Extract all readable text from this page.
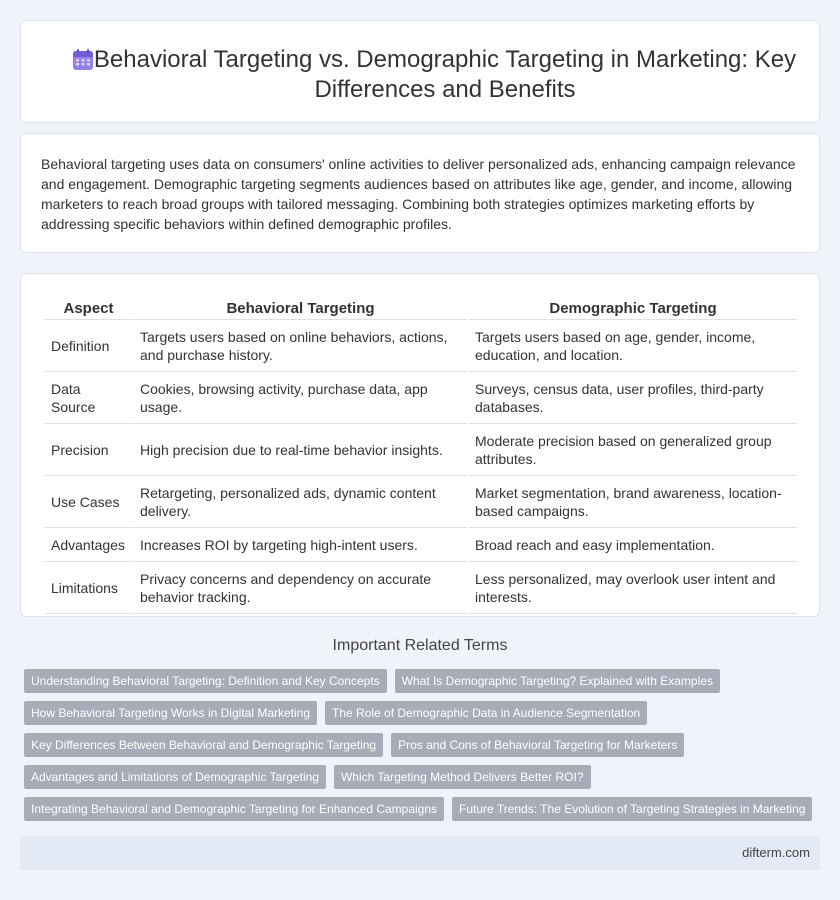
Behavioral Targeting vs. Demographic Targeting in Marketing: Key Differences and Benefits

Behavioral targeting uses data on consumers' online activities to deliver personalized ads, enhancing campaign relevance and engagement. Demographic targeting segments audiences based on attributes like age, gender, and income, allowing marketers to reach broad groups with tailored messaging. Combining both strategies optimizes marketing efforts by addressing specific behaviors within defined demographic profiles.

Aspect	Behavioral Targeting	Demographic Targeting
Definition	Targets users based on online behaviors, actions, and purchase history.	Targets users based on age, gender, income, education, and location.
Data Source	Cookies, browsing activity, purchase data, app usage.	Surveys, census data, user profiles, third-party databases.
Precision	High precision due to real-time behavior insights.	Moderate precision based on generalized group attributes.
Use Cases	Retargeting, personalized ads, dynamic content delivery.	Market segmentation, brand awareness, location-based campaigns.
Advantages	Increases ROI by targeting high-intent users.	Broad reach and easy implementation.
Limitations	Privacy concerns and dependency on accurate behavior tracking.	Less personalized, may overlook user intent and interests.
Important Related Terms
Understanding Behavioral Targeting: Definition and Key Concepts	What Is Demographic Targeting? Explained with Examples
How Behavioral Targeting Works in Digital Marketing	The Role of Demographic Data in Audience Segmentation
Key Differences Between Behavioral and Demographic Targeting	Pros and Cons of Behavioral Targeting for Marketers
Advantages and Limitations of Demographic Targeting	Which Targeting Method Delivers Better ROI?
Integrating Behavioral and Demographic Targeting for Enhanced Campaigns	Future Trends: The Evolution of Targeting Strategies in Marketing
difterm.com
